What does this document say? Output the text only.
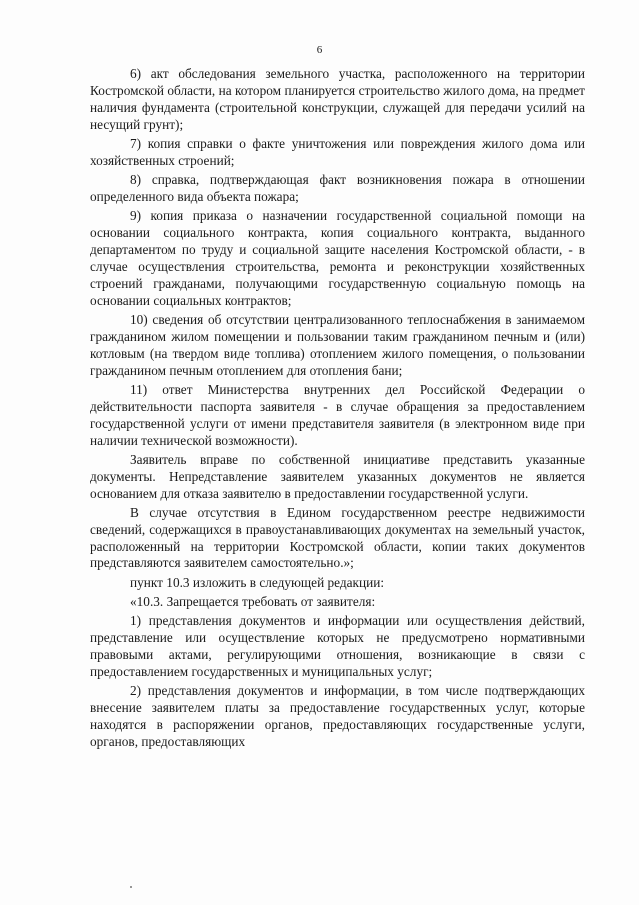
6

6) акт обследования земельного участка, расположенного на территории Костромской области, на котором планируется строительство жилого дома, на предмет наличия фундамента (строительной конструкции, служащей для передачи усилий на несущий грунт);

7) копия справки о факте уничтожения или повреждения жилого дома или хозяйственных строений;

8) справка, подтверждающая факт возникновения пожара в отношении определенного вида объекта пожара;

9) копия приказа о назначении государственной социальной помощи на основании социального контракта, копия социального контракта, выданного департаментом по труду и социальной защите населения Костромской области, - в случае осуществления строительства, ремонта и реконструкции хозяйственных строений гражданами, получающими государственную социальную помощь на основании социальных контрактов;

10) сведения об отсутствии централизованного теплоснабжения в занимаемом гражданином жилом помещении и пользовании таким гражданином печным и (или) котловым (на твердом виде топлива) отоплением жилого помещения, о пользовании гражданином печным отоплением для отопления бани;

11) ответ Министерства внутренних дел Российской Федерации о действительности паспорта заявителя - в случае обращения за предоставлением государственной услуги от имени представителя заявителя (в электронном виде при наличии технической возможности).

Заявитель вправе по собственной инициативе представить указанные документы. Непредставление заявителем указанных документов не является основанием для отказа заявителю в предоставлении государственной услуги.

В случае отсутствия в Едином государственном реестре недвижимости сведений, содержащихся в правоустанавливающих документах на земельный участок, расположенный на территории Костромской области, копии таких документов представляются заявителем самостоятельно.»;

пункт 10.3 изложить в следующей редакции:

«10.3. Запрещается требовать от заявителя:

1) представления документов и информации или осуществления действий, представление или осуществление которых не предусмотрено нормативными правовыми актами, регулирующими отношения, возникающие в связи с предоставлением государственных и муниципальных услуг;

2) представления документов и информации, в том числе подтверждающих внесение заявителем платы за предоставление государственных услуг, которые находятся в распоряжении органов, предоставляющих государственные услуги, органов, предоставляющих
